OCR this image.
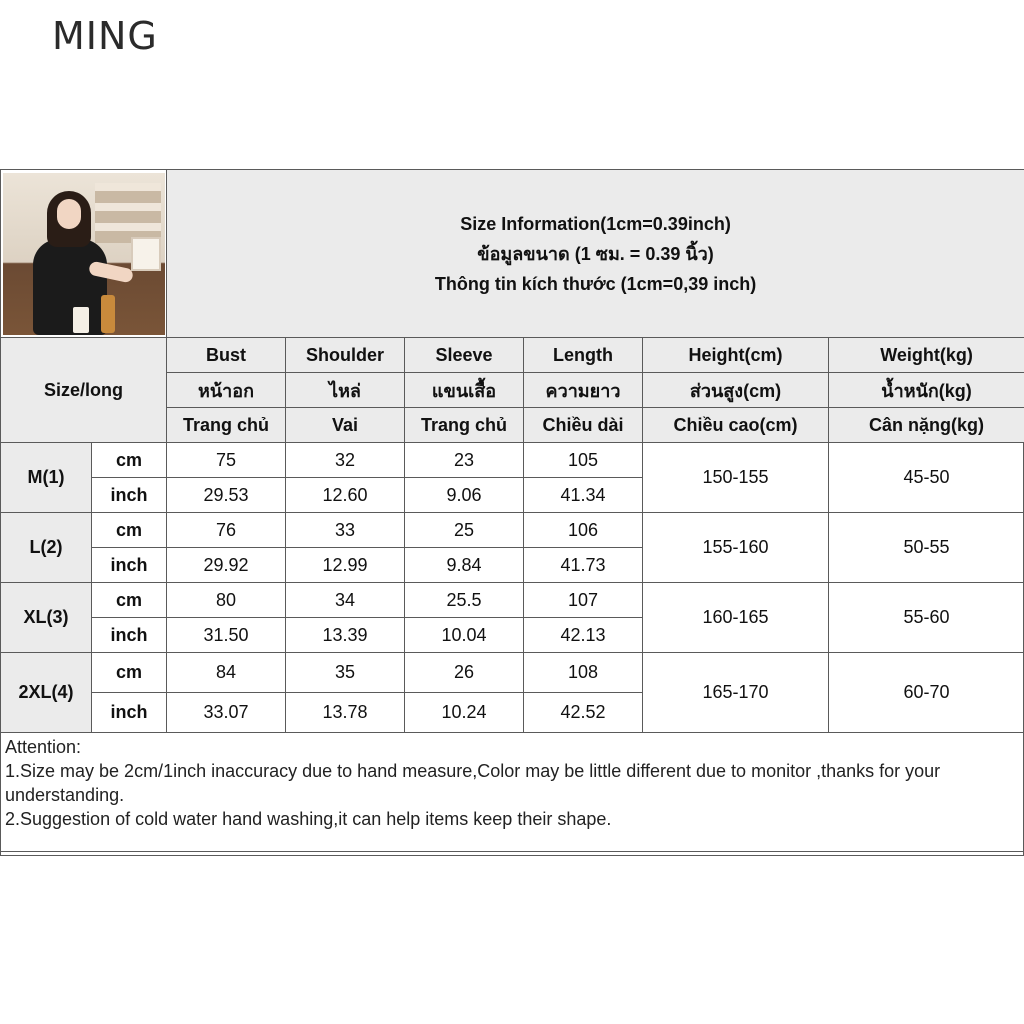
MING

		Size Information(1cm=0.39inch)
ข้อมูลขนาด (1 ซม. = 0.39 นิ้ว)
Thông tin kích thước (1cm=0,39 inch)					

Size/long		Bust	Shoulder	Sleeve	Length	Height(cm)	Weight(kg)
		หน้าอก	ไหล่	แขนเสื้อ	ความยาว	ส่วนสูง(cm)	น้ำหนัก(kg)
		Trang chủ	Vai	Trang chủ	Chiều dài	Chiều cao(cm)	Cân nặng(kg)
M(1)	cm	75	32	23	105	150-155	45-50
	inch	29.53	12.60	9.06	41.34		
L(2)	cm	76	33	25	106	155-160	50-55
	inch	29.92	12.99	9.84	41.73		
XL(3)	cm	80	34	25.5	107	160-165	55-60
	inch	31.50	13.39	10.04	42.13		
2XL(4)	cm	84	35	26	108	165-170	60-70
	inch	33.07	13.78	10.24	42.52		

Attention:
1.Size may be 2cm/1inch inaccuracy due to hand measure,Color may be little different due to monitor ,thanks for your understanding.
2.Suggestion of cold water hand washing,it can help items keep their shape.							
